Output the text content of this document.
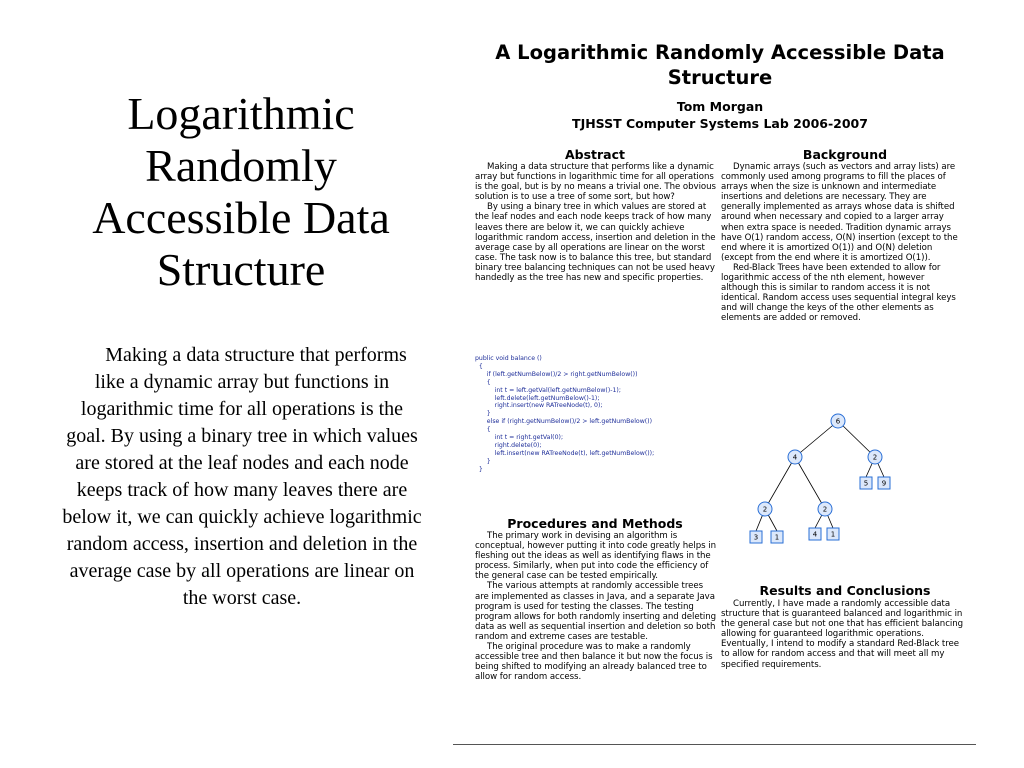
Logarithmic Randomly Accessible Data Structure

Making a data structure that performs like a dynamic array but functions in logarithmic time for all operations is the goal. By using a binary tree in which values are stored at the leaf nodes and each node keeps track of how many leaves there are below it, we can quickly achieve logarithmic random access, insertion and deletion in the average case by all operations are linear on the worst case.

A Logarithmic Randomly Accessible Data Structure
Tom Morgan
TJHSST Computer Systems Lab 2006-2007
Abstract

Making a data structure that performs like a dynamic array but functions in logarithmic time for all operations is the goal, but is by no means a trivial one. The obvious solution is to use a tree of some sort, but how?

By using a binary tree in which values are stored at the leaf nodes and each node keeps track of how many leaves there are below it, we can quickly achieve logarithmic random access, insertion and deletion in the average case by all operations are linear on the worst case. The task now is to balance this tree, but standard binary tree balancing techniques can not be used heavy handedly as the tree has new and specific properties.

public void balance ()
{
if (left.getNumBelow()/2 > right.getNumBelow())
{
int t = left.getVal(left.getNumBelow()-1);
left.delete(left.getNumBelow()-1);
right.insert(new RATreeNode(t), 0);
}
else if (right.getNumBelow()/2 > left.getNumBelow())
{
int t = right.getVal(0);
right.delete(0);
left.insert(new RATreeNode(t), left.getNumBelow());
}
}
Background

Dynamic arrays (such as vectors and array lists) are commonly used among programs to fill the places of arrays when the size is unknown and intermediate insertions and deletions are necessary. They are generally implemented as arrays whose data is shifted around when necessary and copied to a larger array when extra space is needed. Tradition dynamic arrays have O(1) random access, O(N) insertion (except to the end where it is amortized O(1)) and O(N) deletion (except from the end where it is amortized O(1)).

Red-Black Trees have been extended to allow for logarithmic access of the nth element, however although this is similar to random access it is not identical. Random access uses sequential integral keys and will change the keys of the other elements as elements are added or removed.

6
4	2
2	2
5 9
3 1	4 1
Procedures and Methods

The primary work in devising an algorithm is conceptual, however putting it into code greatly helps in fleshing out the ideas as well as identifying flaws in the process. Similarly, when put into code the efficiency of the general case can be tested empirically.

The various attempts at randomly accessible trees are implemented as classes in Java, and a separate Java program is used for testing the classes. The testing program allows for both randomly inserting and deleting data as well as sequential insertion and deletion so both random and extreme cases are testable.

The original procedure was to make a randomly accessible tree and then balance it but now the focus is being shifted to modifying an already balanced tree to allow for random access.

Results and Conclusions

Currently, I have made a randomly accessible data structure that is guaranteed balanced and logarithmic in the general case but not one that has efficient balancing allowing for guaranteed logarithmic operations. Eventually, I intend to modify a standard Red-Black tree to allow for random access and that will meet all my specified requirements.
